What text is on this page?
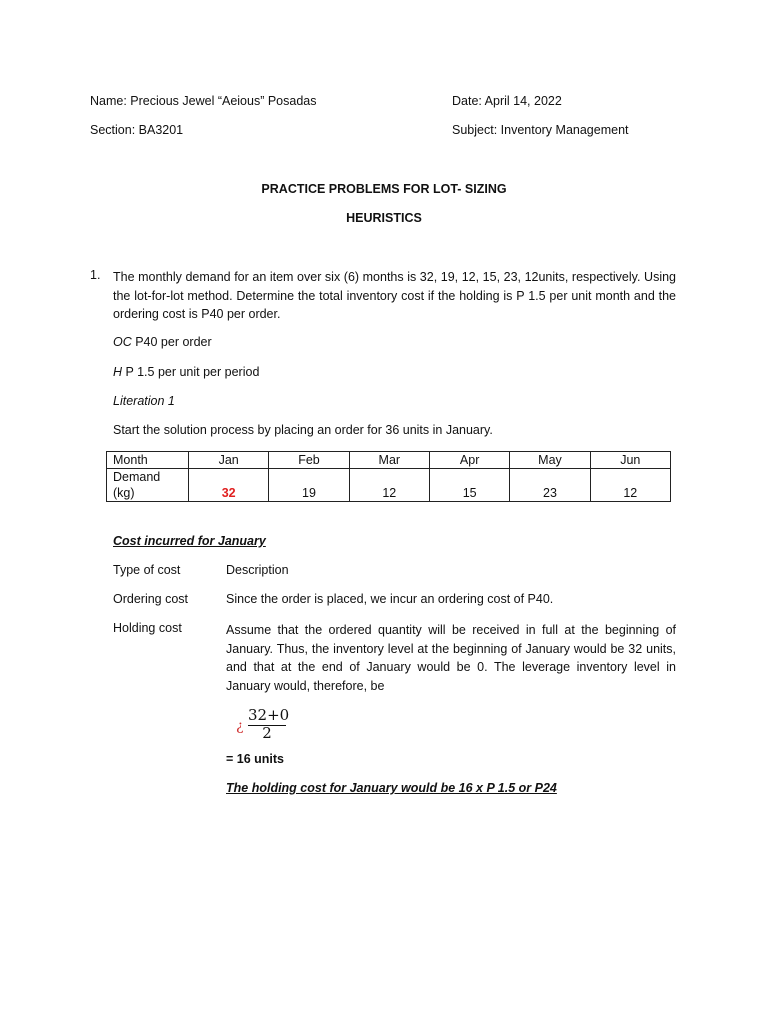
Name: Precious Jewel “Aeious” Posadas	Date: April 14, 2022
Section: BA3201	Subject: Inventory Management
PRACTICE PROBLEMS FOR LOT- SIZING
HEURISTICS
1. The monthly demand for an item over six (6) months is 32, 19, 12, 15, 23, 12units, respectively. Using the lot-for-lot method. Determine the total inventory cost if the holding is P 1.5 per unit month and the ordering cost is P40 per order.
OC P40 per order
H P 1.5 per unit per period
Literation 1
Start the solution process by placing an order for 36 units in January.
Month	Jan	Feb	Mar	Apr	May	Jun
Demand
(kg)	32	19	12	15	23	12
Cost incurred for January
Type of cost	Description
Ordering cost	Since the order is placed, we incur an ordering cost of P40.
Holding cost	Assume that the ordered quantity will be received in full at the beginning of January. Thus, the inventory level at the beginning of January would be 32 units, and that at the end of January would be 0. The leverage inventory level in January would, therefore, be
¿
32+0
2
= 16 units
The holding cost for January would be 16 x P 1.5 or P24
